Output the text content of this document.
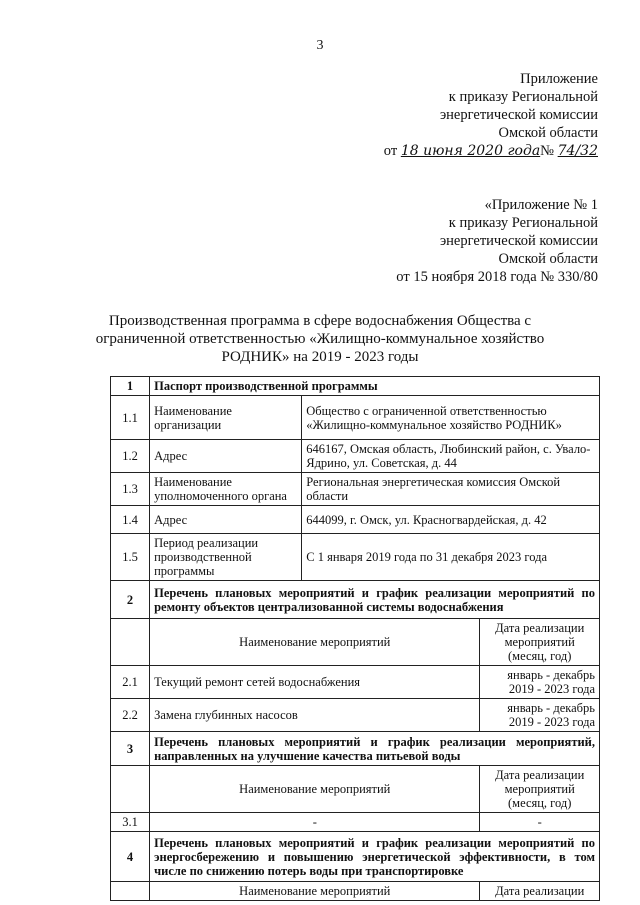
3
Приложение
к приказу Региональной
энергетической комиссии
Омской области
от 18 июня 2020 года№ 74/32
«Приложение № 1
к приказу Региональной
энергетической комиссии
Омской области
от 15 ноября 2018 года № 330/80
Производственная программа в сфере водоснабжения Общества с ограниченной ответственностью «Жилищно-коммунальное хозяйство РОДНИК» на 2019 - 2023 годы
1	Паспорт производственной программы		
1.1	Наименование организации	Общество с ограниченной ответственностью «Жилищно-коммунальное хозяйство РОДНИК»	
1.2	Адрес	646167, Омская область, Любинский район, с. Увало-Ядрино, ул. Советская, д. 44	
1.3	Наименование уполномоченного органа	Региональная энергетическая комиссия Омской области	
1.4	Адрес	644099, г. Омск, ул. Красногвардейская, д. 42	
1.5	Период реализации производственной программы	С 1 января 2019 года по 31 декабря 2023 года	
2	Перечень плановых мероприятий и график реализации мероприятий по ремонту объектов централизованной системы водоснабжения		
	Наименование мероприятий		Дата реализации мероприятий (месяц, год)
2.1	Текущий ремонт сетей водоснабжения		январь - декабрь 2019 - 2023 года
2.2	Замена глубинных насосов		январь - декабрь 2019 - 2023 года
3	Перечень плановых мероприятий и график реализации мероприятий, направленных на улучшение качества питьевой воды		
	Наименование мероприятий		Дата реализации мероприятий (месяц, год)
3.1	-		-
4	Перечень плановых мероприятий и график реализации мероприятий по энергосбережению и повышению энергетической эффективности, в том числе по снижению потерь воды при транспортировке		
	Наименование мероприятий		Дата реализации
